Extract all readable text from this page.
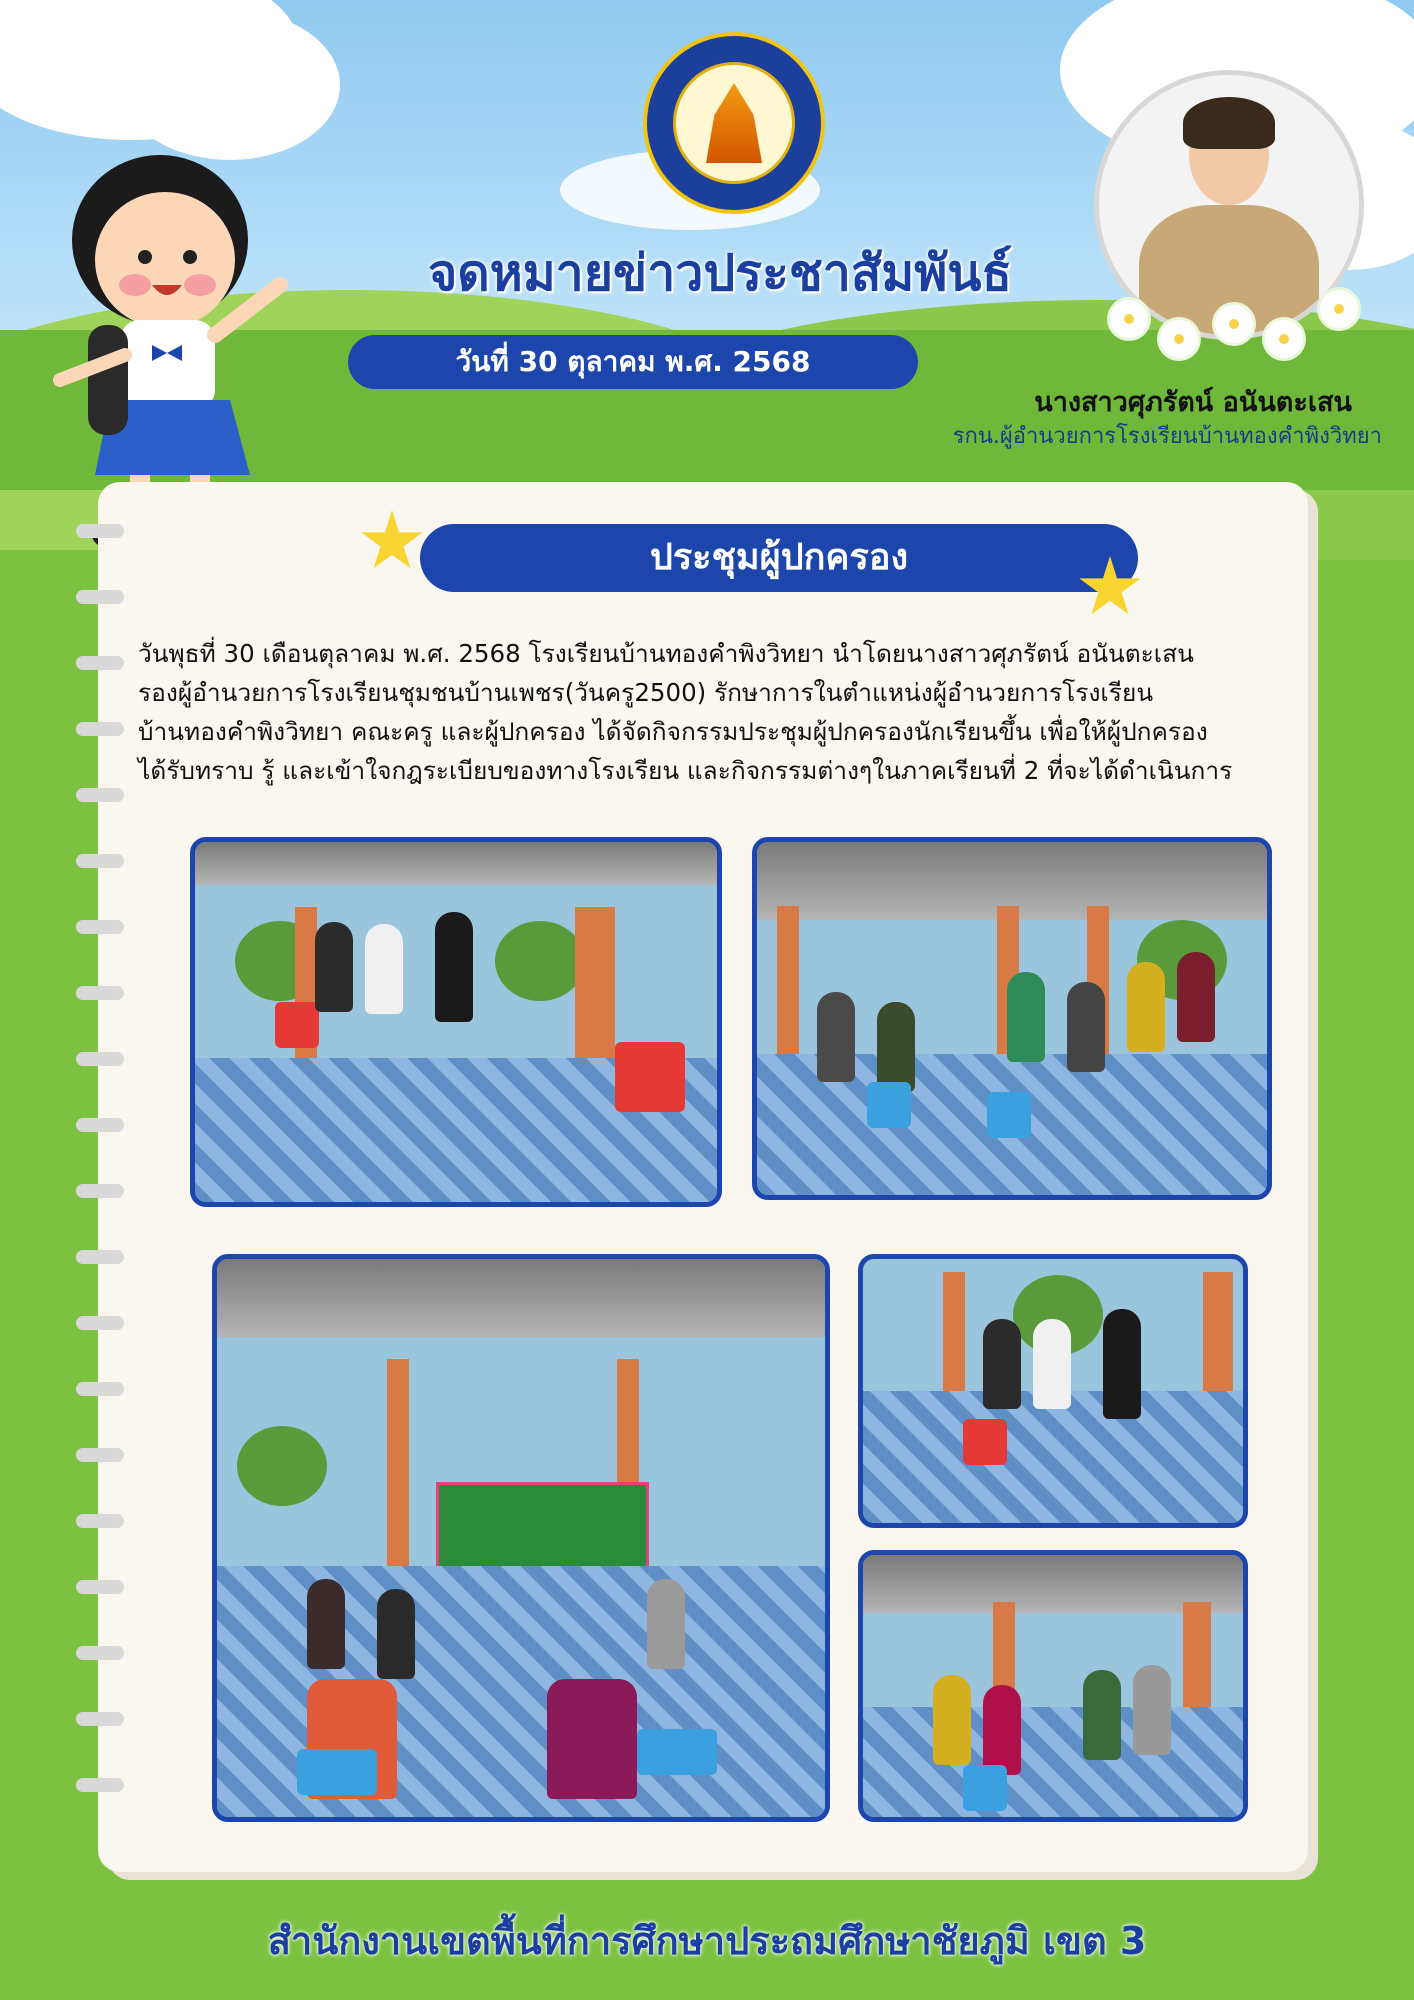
จดหมายข่าวประชาสัมพันธ์
วันที่ 30 ตุลาคม พ.ศ. 2568
นางสาวศุภรัตน์ อนันตะเสน
รกน.ผู้อำนวยการโรงเรียนบ้านทองคำพิงวิทยา
ประชุมผู้ปกครอง
วันพุธที่ 30 เดือนตุลาคม พ.ศ. 2568 โรงเรียนบ้านทองคำพิงวิทยา นำโดยนางสาวศุภรัตน์ อนันตะเสน
รองผู้อำนวยการโรงเรียนชุมชนบ้านเพชร(วันครู2500) รักษาการในตำแหน่งผู้อำนวยการโรงเรียน
บ้านทองคำพิงวิทยา คณะครู และผู้ปกครอง ได้จัดกิจกรรมประชุมผู้ปกครองนักเรียนขึ้น เพื่อให้ผู้ปกครอง
ได้รับทราบ รู้ และเข้าใจกฎระเบียบของทางโรงเรียน และกิจกรรมต่างๆในภาคเรียนที่ 2 ที่จะได้ดำเนินการ
สำนักงานเขตพื้นที่การศึกษาประถมศึกษาชัยภูมิ เขต 3
